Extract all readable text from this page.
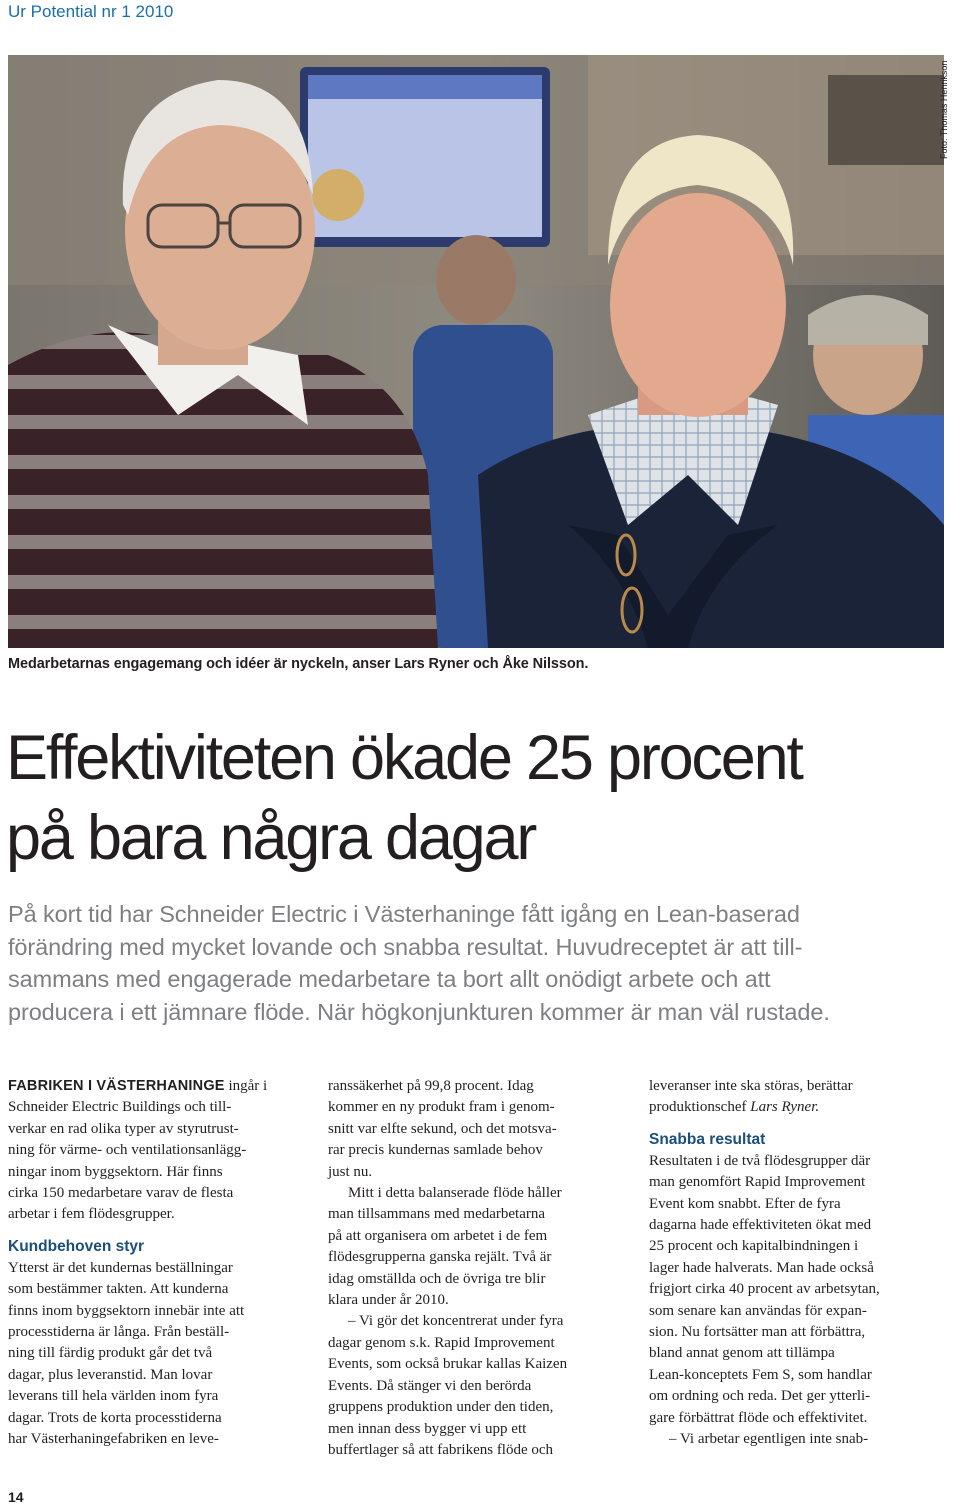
Ur Potential nr 1 2010
Foto: Thomas Henrikson
Medarbetarnas engagemang och idéer är nyckeln, anser Lars Ryner och Åke Nilsson.
Effektiviteten ökade 25 procent
på bara några dagar
På kort tid har Schneider Electric i Västerhaninge fått igång en Lean-baserad
förändring med mycket lovande och snabba resultat. Huvudreceptet är att till-
sammans med engagerade medarbetare ta bort allt onödigt arbete och att
producera i ett jämnare flöde. När högkonjunkturen kommer är man väl rustade.
FABRIKEN I VÄSTERHANINGE ingår i
Schneider Electric Buildings och till-
verkar en rad olika typer av styrutrust-
ning för värme- och ventilationsanlägg-
ningar inom byggsektorn. Här finns
cirka 150 medarbetare varav de flesta
arbetar i fem flödesgrupper.
Kundbehoven styr
Ytterst är det kundernas beställningar
som bestämmer takten. Att kunderna
finns inom byggsektorn innebär inte att
processtiderna är långa. Från beställ-
ning till färdig produkt går det två
dagar, plus leveranstid. Man lovar
leverans till hela världen inom fyra
dagar. Trots de korta processtiderna
har Västerhaningefabriken en leve-
ranssäkerhet på 99,8 procent. Idag
kommer en ny produkt fram i genom-
snitt var elfte sekund, och det motsva-
rar precis kundernas samlade behov
just nu.
Mitt i detta balanserade flöde håller
man tillsammans med medarbetarna
på att organisera om arbetet i de fem
flödesgrupperna ganska rejält. Två är
idag omställda och de övriga tre blir
klara under år 2010.
– Vi gör det koncentrerat under fyra
dagar genom s.k. Rapid Improvement
Events, som också brukar kallas Kaizen
Events. Då stänger vi den berörda
gruppens produktion under den tiden,
men innan dess bygger vi upp ett
buffertlager så att fabrikens flöde och
leveranser inte ska störas, berättar
produktionschef Lars Ryner.
Snabba resultat
Resultaten i de två flödesgrupper där
man genomfört Rapid Improvement
Event kom snabbt. Efter de fyra
dagarna hade effektiviteten ökat med
25 procent och kapitalbindningen i
lager hade halverats. Man hade också
frigjort cirka 40 procent av arbetsytan,
som senare kan användas för expan-
sion. Nu fortsätter man att förbättra,
bland annat genom att tillämpa
Lean-konceptets Fem S, som handlar
om ordning och reda. Det ger ytterli-
gare förbättrat flöde och effektivitet.
– Vi arbetar egentligen inte snab-
14
